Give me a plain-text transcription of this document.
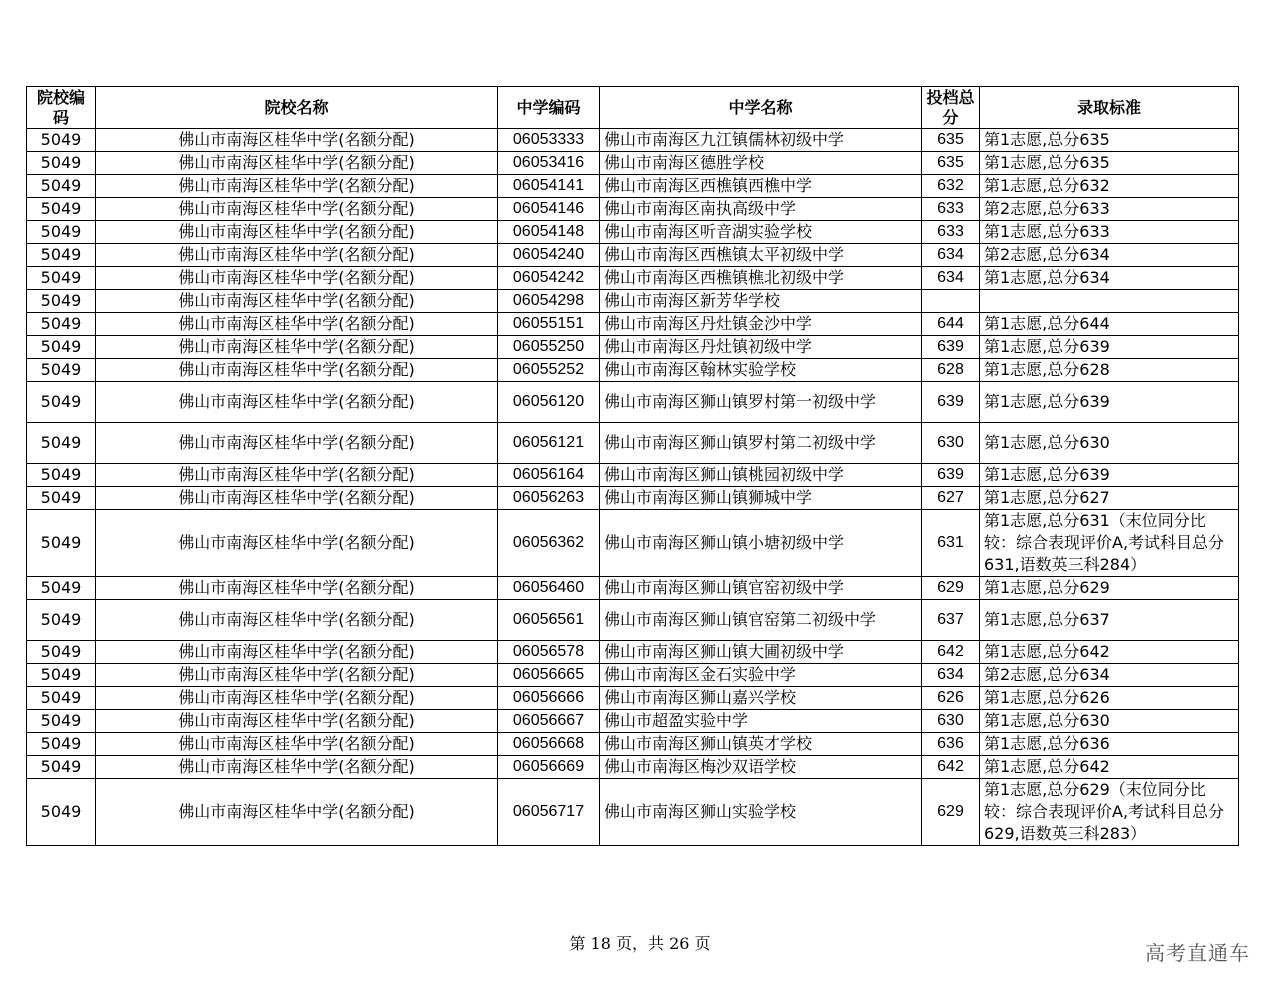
院校编码	院校名称	中学编码	中学名称	投档总分	录取标准
5049	佛山市南海区桂华中学(名额分配)	06053333	佛山市南海区九江镇儒林初级中学	635	第1志愿,总分635
5049	佛山市南海区桂华中学(名额分配)	06053416	佛山市南海区德胜学校	635	第1志愿,总分635
5049	佛山市南海区桂华中学(名额分配)	06054141	佛山市南海区西樵镇西樵中学	632	第1志愿,总分632
5049	佛山市南海区桂华中学(名额分配)	06054146	佛山市南海区南执高级中学	633	第2志愿,总分633
5049	佛山市南海区桂华中学(名额分配)	06054148	佛山市南海区听音湖实验学校	633	第1志愿,总分633
5049	佛山市南海区桂华中学(名额分配)	06054240	佛山市南海区西樵镇太平初级中学	634	第2志愿,总分634
5049	佛山市南海区桂华中学(名额分配)	06054242	佛山市南海区西樵镇樵北初级中学	634	第1志愿,总分634
5049	佛山市南海区桂华中学(名额分配)	06054298	佛山市南海区新芳华学校		
5049	佛山市南海区桂华中学(名额分配)	06055151	佛山市南海区丹灶镇金沙中学	644	第1志愿,总分644
5049	佛山市南海区桂华中学(名额分配)	06055250	佛山市南海区丹灶镇初级中学	639	第1志愿,总分639
5049	佛山市南海区桂华中学(名额分配)	06055252	佛山市南海区翰林实验学校	628	第1志愿,总分628
5049	佛山市南海区桂华中学(名额分配)	06056120	佛山市南海区狮山镇罗村第一初级中学	639	第1志愿,总分639
5049	佛山市南海区桂华中学(名额分配)	06056121	佛山市南海区狮山镇罗村第二初级中学	630	第1志愿,总分630
5049	佛山市南海区桂华中学(名额分配)	06056164	佛山市南海区狮山镇桃园初级中学	639	第1志愿,总分639
5049	佛山市南海区桂华中学(名额分配)	06056263	佛山市南海区狮山镇狮城中学	627	第1志愿,总分627
5049	佛山市南海区桂华中学(名额分配)	06056362	佛山市南海区狮山镇小塘初级中学	631	第1志愿,总分631（末位同分比较：综合表现评价A,考试科目总分631,语数英三科284）
5049	佛山市南海区桂华中学(名额分配)	06056460	佛山市南海区狮山镇官窑初级中学	629	第1志愿,总分629
5049	佛山市南海区桂华中学(名额分配)	06056561	佛山市南海区狮山镇官窑第二初级中学	637	第1志愿,总分637
5049	佛山市南海区桂华中学(名额分配)	06056578	佛山市南海区狮山镇大圃初级中学	642	第1志愿,总分642
5049	佛山市南海区桂华中学(名额分配)	06056665	佛山市南海区金石实验中学	634	第2志愿,总分634
5049	佛山市南海区桂华中学(名额分配)	06056666	佛山市南海区狮山嘉兴学校	626	第1志愿,总分626
5049	佛山市南海区桂华中学(名额分配)	06056667	佛山市超盈实验中学	630	第1志愿,总分630
5049	佛山市南海区桂华中学(名额分配)	06056668	佛山市南海区狮山镇英才学校	636	第1志愿,总分636
5049	佛山市南海区桂华中学(名额分配)	06056669	佛山市南海区梅沙双语学校	642	第1志愿,总分642
5049	佛山市南海区桂华中学(名额分配)	06056717	佛山市南海区狮山实验学校	629	第1志愿,总分629（末位同分比较：综合表现评价A,考试科目总分629,语数英三科283）
第 18 页，共 26 页	高考直通车
